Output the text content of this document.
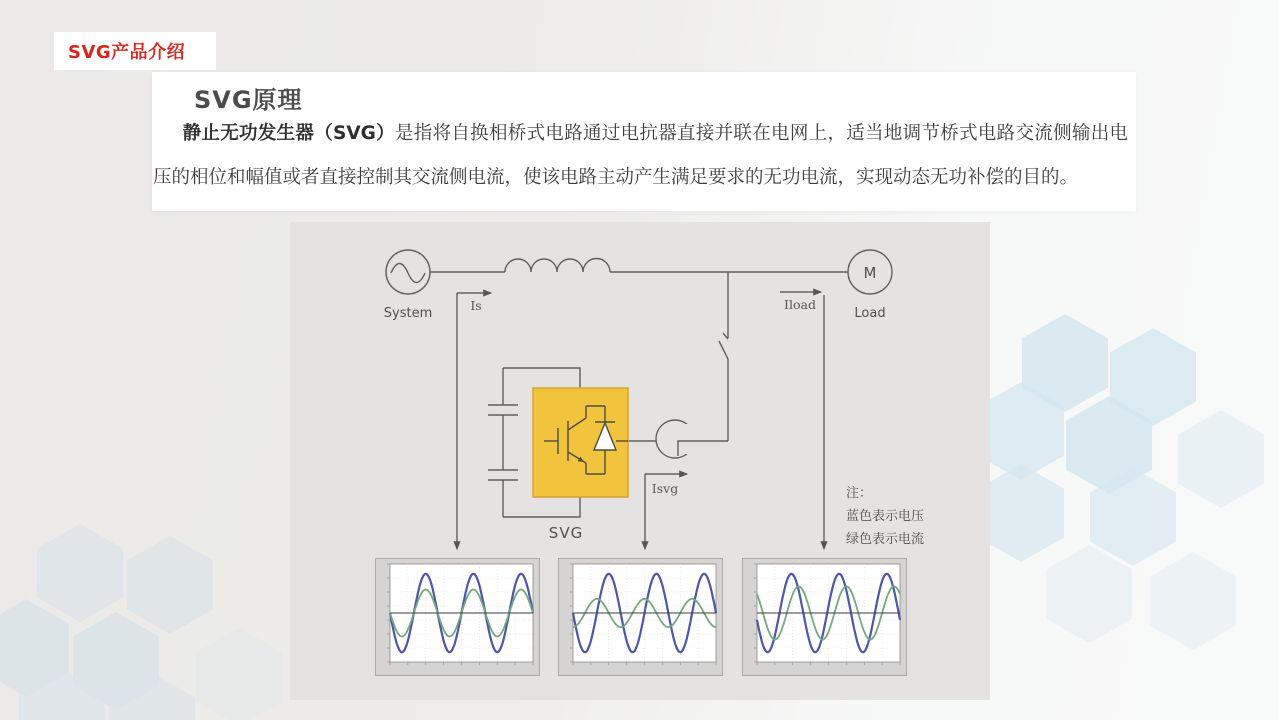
SVG产品介绍
SVG原理

静止无功发生器（SVG）是指将自换相桥式电路通过电抗器直接并联在电网上，适当地调节桥式电路交流侧输出电压的相位和幅值或者直接控制其交流侧电流，使该电路主动产生满足要求的无功电流，实现动态无功补偿的目的。

System
M
Load
Is	Iload
Isvg
SVG
注：
蓝色表示电压
绿色表示电流
